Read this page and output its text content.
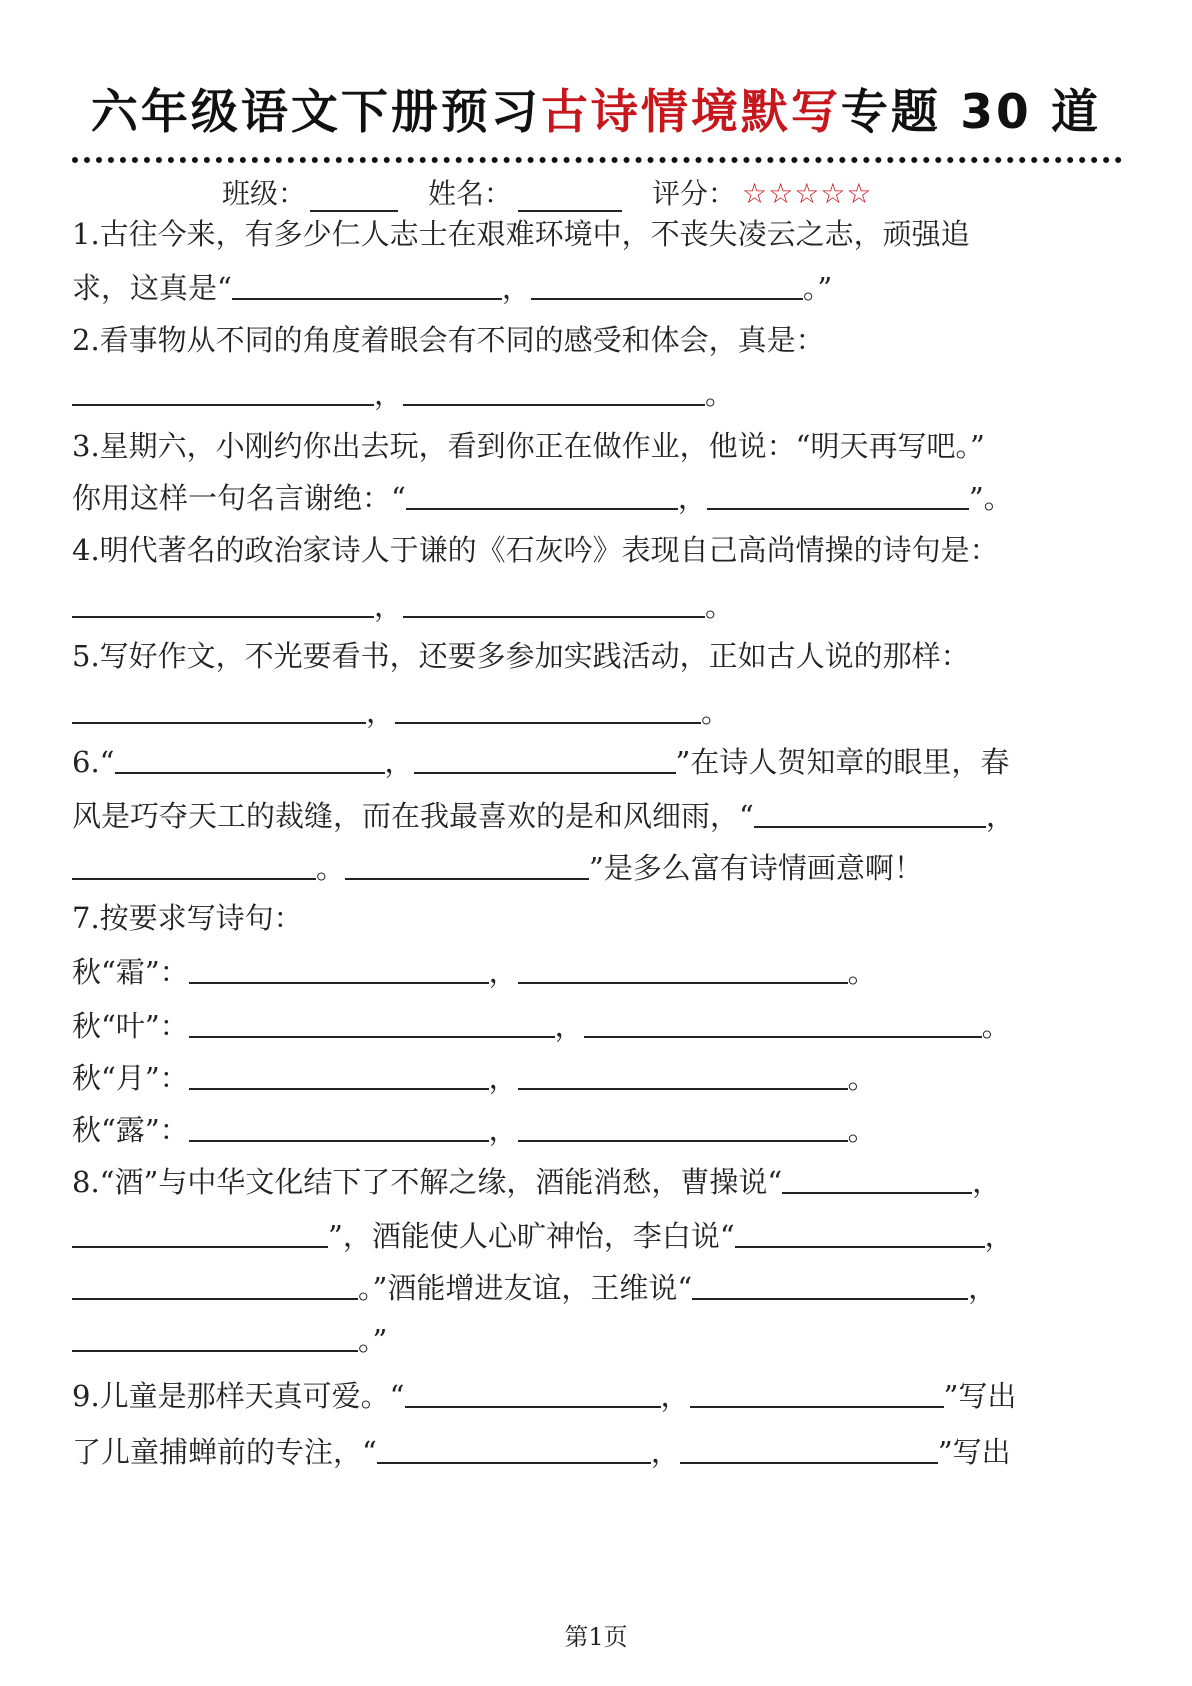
六年级语文下册预习古诗情境默写专题 30 道
班级：	姓名：	评分： ☆☆☆☆☆
1.古往今来，有多少仁人志士在艰难环境中，不丧失凌云之志，顽强追
求，这真是“	，	。”
2.看事物从不同的角度着眼会有不同的感受和体会，真是：
，	。
3.星期六，小刚约你出去玩，看到你正在做作业，他说：“明天再写吧。”
你用这样一句名言谢绝：“	，	”。
4.明代著名的政治家诗人于谦的《石灰吟》表现自己高尚情操的诗句是：
，	。
5.写好作文，不光要看书，还要多参加实践活动，正如古人说的那样：
，	。
6.“	，	”在诗人贺知章的眼里，春
风是巧夺天工的裁缝，而在我最喜欢的是和风细雨，“	，
。	”是多么富有诗情画意啊！
7.按要求写诗句：
秋“霜”：	，	。
秋“叶”：	，	。
秋“月”：	，	。
秋“露”：	，	。
8.“酒”与中华文化结下了不解之缘，酒能消愁，曹操说“	，
”，酒能使人心旷神怡，李白说“	，
。”酒能增进友谊，王维说“	，
。”
9.儿童是那样天真可爱。“	，	”写出
了儿童捕蝉前的专注，“	，	”写出
第1页
